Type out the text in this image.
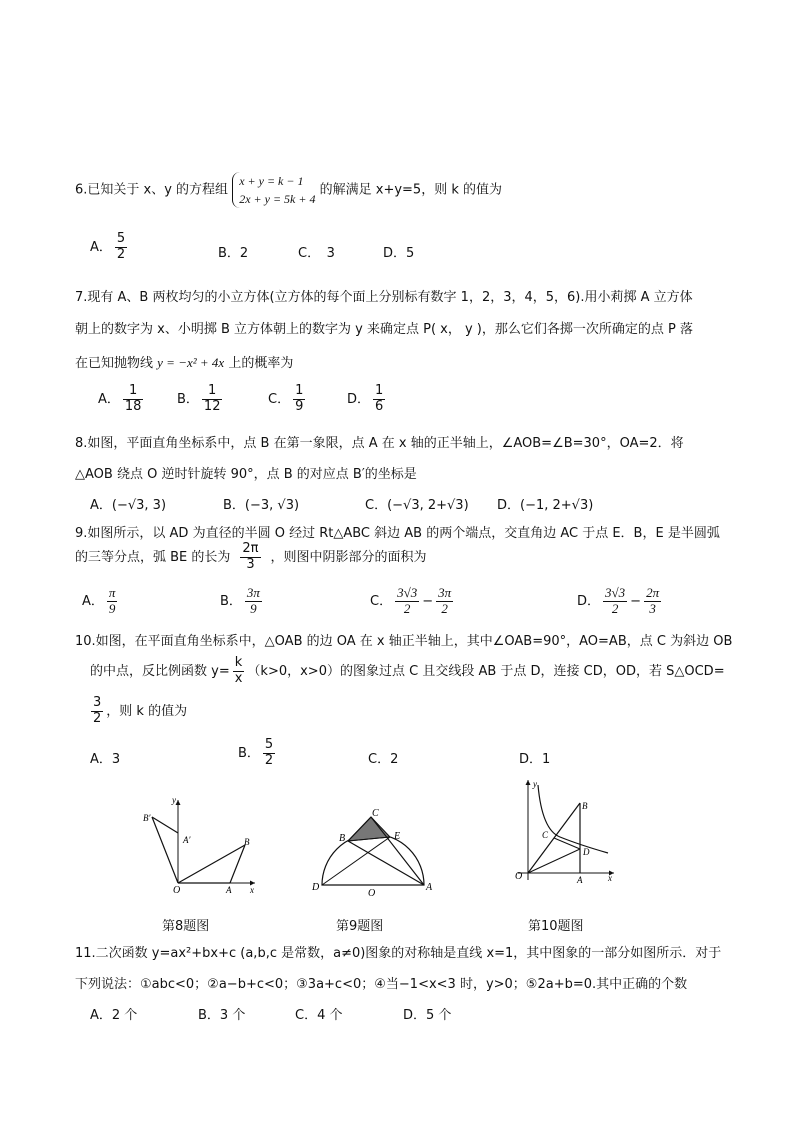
6.已知关于 x、y 的方程组
x + y = k − 1
2x + y = 5k + 4
的解满足 x+y=5，则 k 的值为
A． $\frac{5}{2}$	B．2	C．　3	D．5
7.现有 A、B 两枚均匀的小立方体(立方体的每个面上分别标有数字 1，2，3，4，5，6).用小莉掷 A 立方体
朝上的数字为 x、小明掷 B 立方体朝上的数字为 y 来确定点 P( x， y )，那么它们各掷一次所确定的点 P 落
在已知抛物线 y = −x² + 4x 上的概率为
A． $\frac{1}{18}$	B． $\frac{1}{12}$	C． $\frac{1}{9}$	D． $\frac{1}{6}$
8.如图，平面直角坐标系中，点 B 在第一象限，点 A 在 x 轴的正半轴上，∠AOB=∠B=30°，OA=2．将
△AOB 绕点 O 逆时针旋转 90°，点 B 的对应点 B′的坐标是
A．(−√3, 3)	B．(−3, √3)	C．(−√3, 2+√3) D．(−1, 2+√3)
9.如图所示，以 AD 为直径的半圆 O 经过 Rt△ABC 斜边 AB 的两个端点，交直角边 AC 于点 E．B，E 是半圆弧
的三等分点，弧 BE 的长为 $\frac{2\pi}{3}$ ，则图中阴影部分的面积为
A． $\frac{\pi}{9}$	B． $\frac{3\pi}{9}$	C． $\frac{3√3}{2} - \frac{3\pi}{2}$	D． $\frac{3√3}{2} - \frac{2\pi}{3}$
10.如图，在平面直角坐标系中，△OAB 的边 OA 在 x 轴正半轴上，其中∠OAB=90°，AO=AB，点 C 为斜边 OB
的中点，反比例函数 $y= \frac{k}{x} (k>0$，x>0）的图象过点 C 且交线段 AB 于点 D，连接 CD，OD，若 S△OCD=
$\frac{3}{2}$ ，则 k 的值为
A．3	B． $\frac{5}{2}$	C．2	D．1
y
x
O	A
B
A′
B′
第8题图
D	A
O
B
C
E
第9题图
y
x
O	A
B
C
D
第10题图
11.二次函数 y=ax²+bx+c (a,b,c 是常数，a≠0)图象的对称轴是直线 x=1，其中图象的一部分如图所示．对于
下列说法：①abc<0；②a−b+c<0；③3a+c<0；④当−1<x<3 时，y>0；⑤2a+b=0.其中正确的个数
A．2 个	B．3 个	C．4 个	D．5 个
